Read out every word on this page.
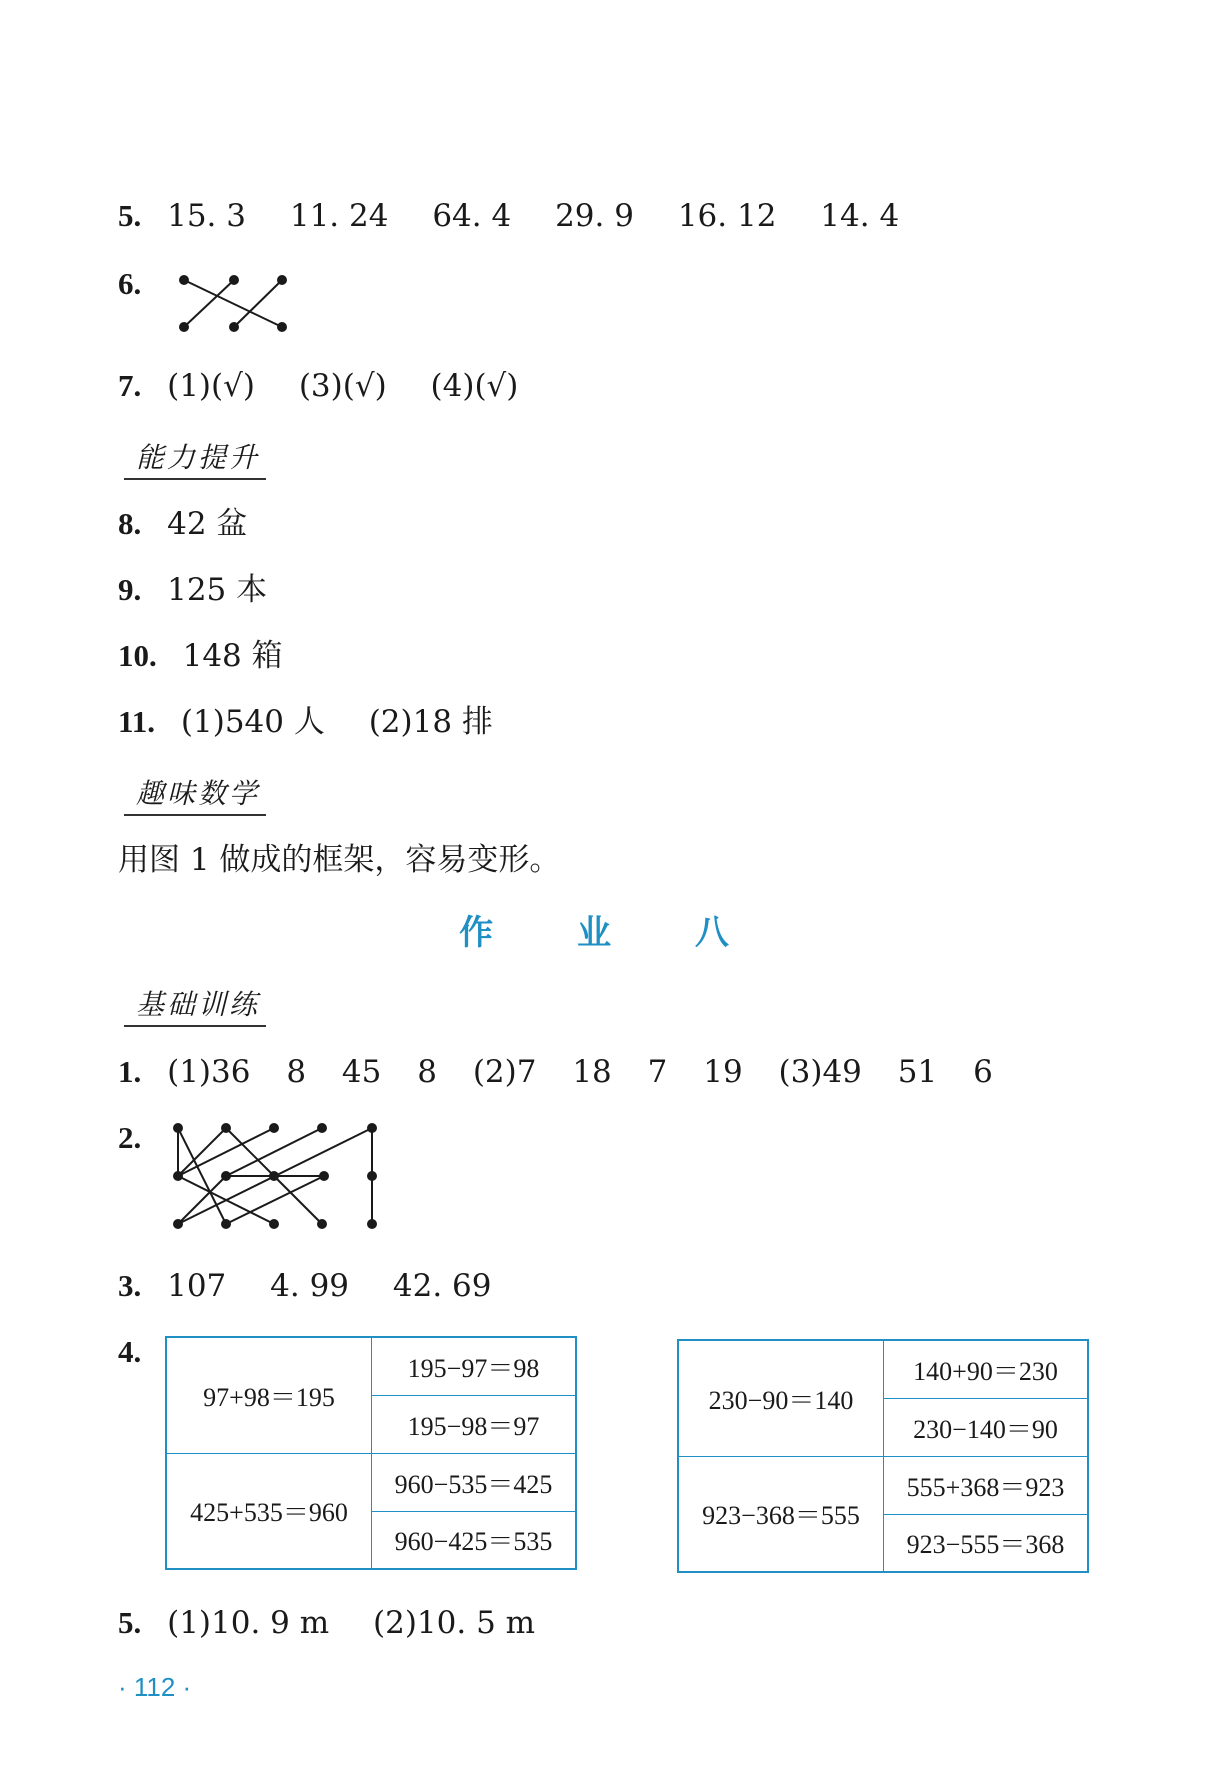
5. 15. 3 11. 24 64. 4 29. 9 16. 12 14. 4
6.
7. (1)(√) (3)(√) (4)(√)
能力提升
8. 42 盆
9. 125 本
10. 148 箱
11. (1)540 人 (2)18 排
趣味数学
用图 1 做成的框架，容易变形。
作 业 八
基础训练
1. (1)36 8 45 8 (2)7 18 7 19 (3)49 51 6
2.
3. 107 4. 99 42. 69
4.
97+98＝195	195−97＝98
	195−98＝97
425+535＝960	960−535＝425
	960−425＝535
230−90＝140	140+90＝230
	230−140＝90
923−368＝555	555+368＝923
	923−555＝368
5. (1)10. 9 m (2)10. 5 m
· 112 ·
